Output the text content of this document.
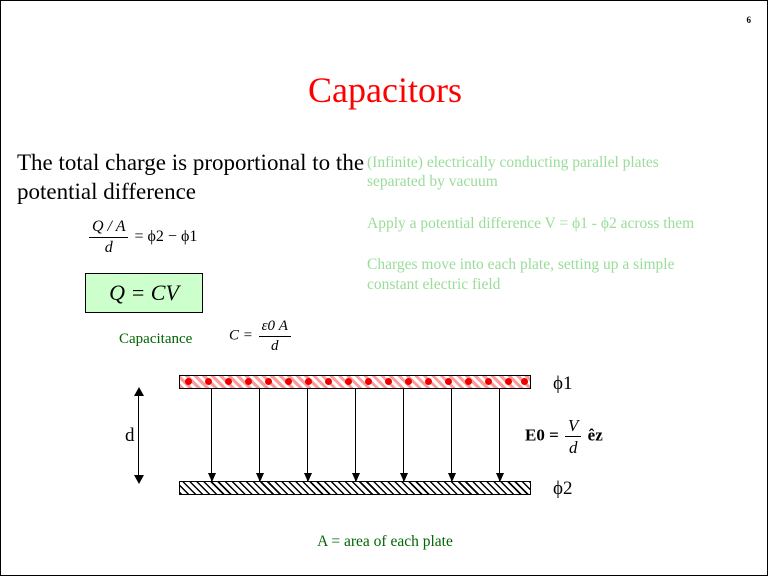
6
Capacitors
The total charge is proportional to the potential difference
$\frac{Q / A}{d} = \phi 2 - \phi 1$
Q = CV
Capacitance $C = \frac{\varepsilon 0 A}{d}$

(Infinite) electrically conducting parallel plates separated by vacuum

Apply a potential difference V = ϕ1 - ϕ2 across them

Charges move into each plate, setting up a simple constant electric field

ϕ1
ϕ2
$E0 = \frac{V}{d}$ êz
d
A = area of each plate
